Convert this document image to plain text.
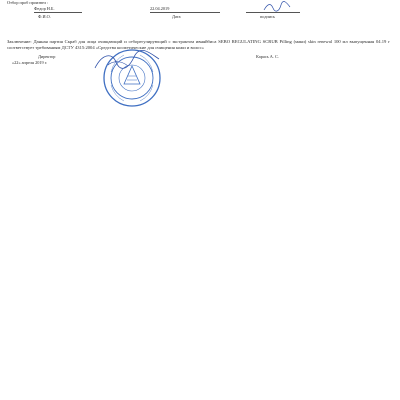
Отбор проб произвел :
Федор Н.Б.	22.04.2019
Ф.И.О.	Дата	подпись
Заключение: Данная партия Скраб для лица очищающий и себорегулирующий с экстрактом ивняйбиса SEBO REGULATING SCRUB Pilling (маки) skin renewal 100 мл выпущенная 04.19 г соответствует требованиям ДСТУ 4315:2004 «Средства косметические для очищения кожи и волос»
Директор
«22» апреля 2019 г.
Карась А. С.
